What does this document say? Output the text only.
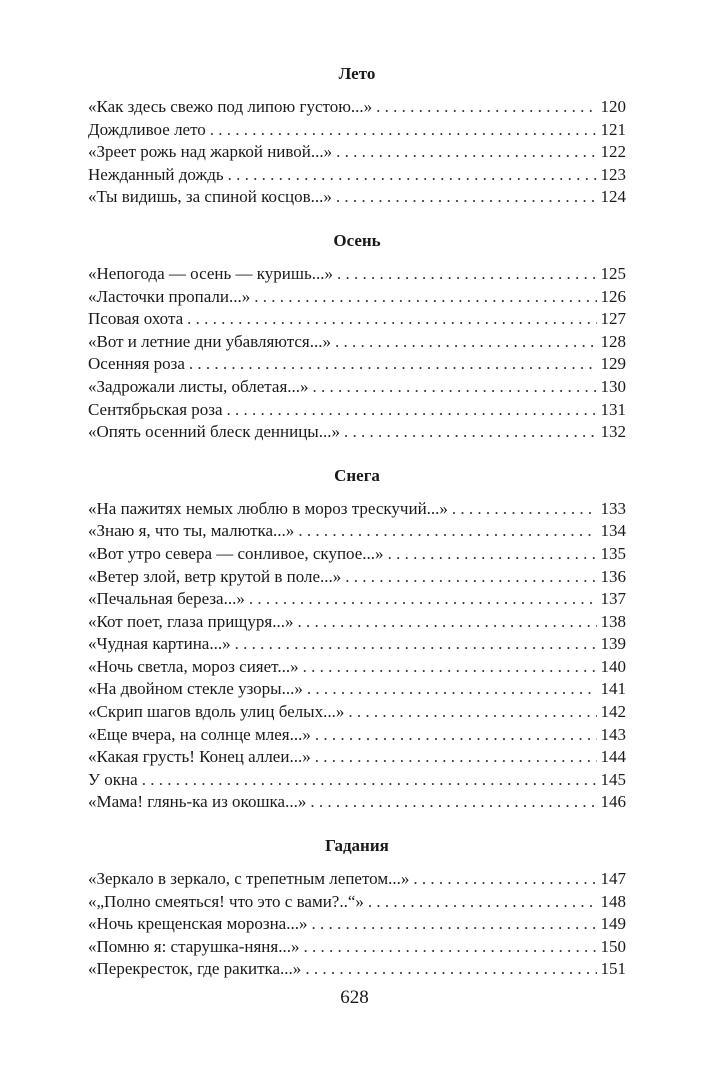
Лето
«Как здесь свежо под липою густою...» . . .	120
Дождливое лето . . .	121
«Зреет рожь над жаркой нивой...» . . .	122
Нежданный дождь . . .	123
«Ты видишь, за спиной косцов...» . . .	124
Осень
«Непогода — осень — куришь...» . . .	125
«Ласточки пропали...» . . .	126
Псовая охота . . .	127
«Вот и летние дни убавляются...» . . .	128
Осенняя роза . . .	129
«Задрожали листы, облетая...» . . .	130
Сентябрьская роза . . .	131
«Опять осенний блеск денницы...» . . .	132
Снега
«На пажитях немых люблю в мороз трескучий...» . . .	133
«Знаю я, что ты, малютка...» . . .	134
«Вот утро севера — сонливое, скупое...» . . .	135
«Ветер злой, ветр крутой в поле...» . . .	136
«Печальная береза...» . . .	137
«Кот поет, глаза прищуря...» . . .	138
«Чудная картина...» . . .	139
«Ночь светла, мороз сияет...» . . .	140
«На двойном стекле узоры...» . . .	141
«Скрип шагов вдоль улиц белых...» . . .	142
«Еще вчера, на солнце млея...» . . .	143
«Какая грусть! Конец аллеи...» . . .	144
У окна . . .	145
«Мама! глянь-ка из окошка...» . . .	146
Гадания
«Зеркало в зеркало, с трепетным лепетом...» . . .	147
«„Полно смеяться! что это с вами?..“» . . .	148
«Ночь крещенская морозна...» . . .	149
«Помню я: старушка-няня...» . . .	150
«Перекресток, где ракитка...» . . .	151
628
